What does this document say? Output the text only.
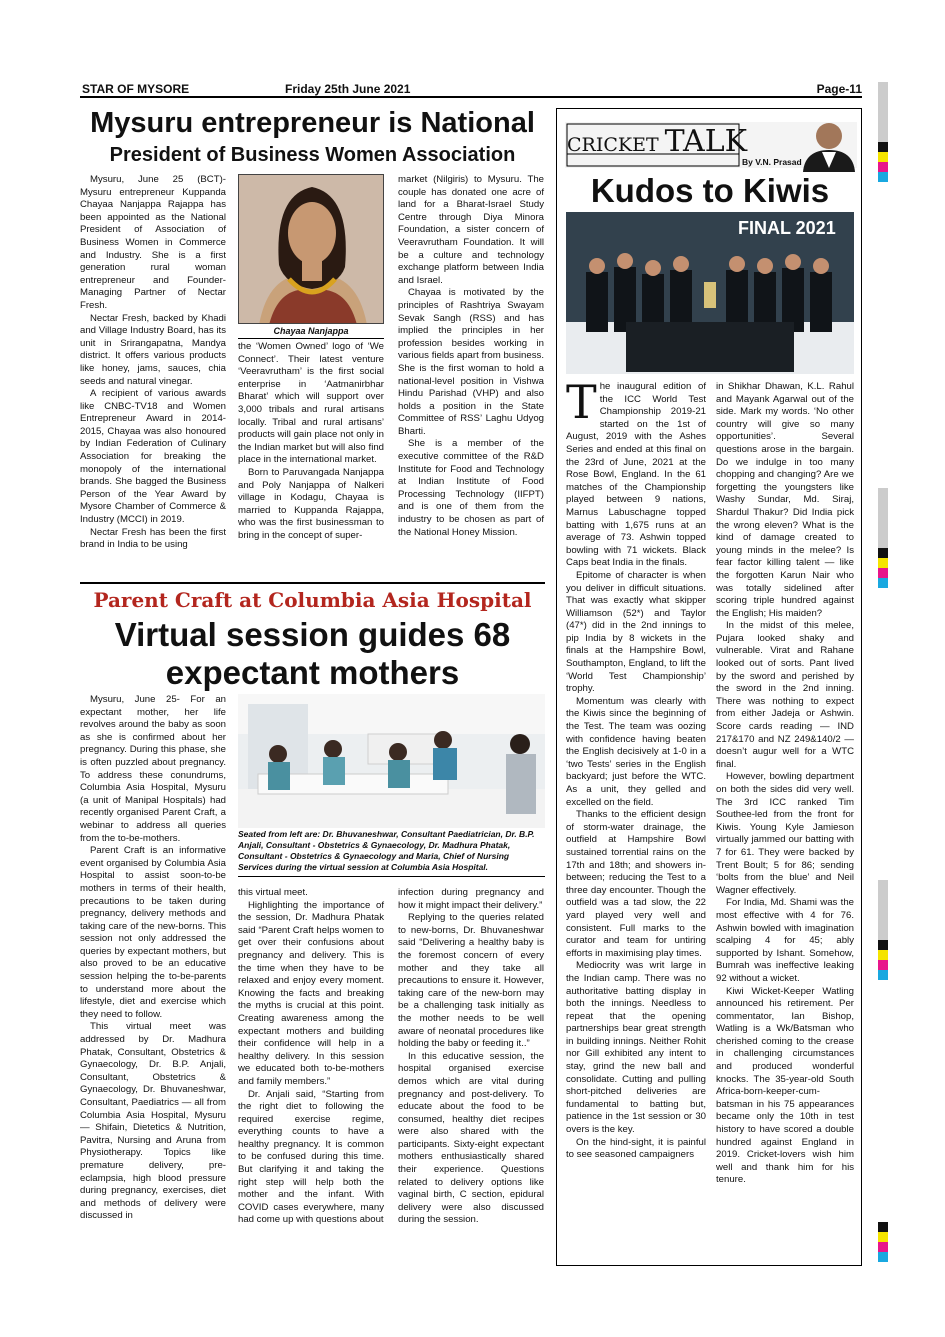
STAR OF MYSORE	Friday 25th June 2021	Page-11
Mysuru entrepreneur is National
President of Business Women Association

Mysuru, June 25 (BCT)- Mysuru entrepreneur Kuppanda Chayaa Nanjappa Rajappa has been appointed as the National President of Association of Business Women in Commerce and Industry. She is a first generation rural woman entrepreneur and Founder-Managing Partner of Nectar Fresh.

Nectar Fresh, backed by Khadi and Village Industry Board, has its unit in Srirangapatna, Mandya district. It offers various products like honey, jams, sauces, chia seeds and natural vinegar.

A recipient of various awards like CNBC-TV18 and Women Entrepreneur Award in 2014-2015, Chayaa was also honoured by Indian Federation of Culinary Association for breaking the monopoly of the international brands. She bagged the Business Person of the Year Award by Mysore Chamber of Commerce & Industry (MCCI) in 2019.

Nectar Fresh has been the first brand in India to be using

Chayaa Nanjappa

the ‘Women Owned’ logo of ‘We Connect’. Their latest venture ‘Veeravrutham’ is the first social enterprise in ‘Aatmanirbhar Bharat’ which will support over 3,000 tribals and rural artisans locally. Tribal and rural artisans’ products will gain place not only in the Indian market but will also find place in the international market.

Born to Paruvangada Nanjappa and Poly Nanjappa of Nalkeri village in Kodagu, Chayaa is married to Kuppanda Rajappa, who was the first businessman to bring in the concept of super-

market (Nilgiris) to Mysuru. The couple has donated one acre of land for a Bharat-Israel Study Centre through Diya Minora Foundation, a sister concern of Veeravrutham Foundation. It will be a culture and technology exchange platform between India and Israel.

Chayaa is motivated by the principles of Rashtriya Swayam Sevak Sangh (RSS) and has implied the principles in her profession besides working in various fields apart from business. She is the first woman to hold a national-level position in Vishwa Hindu Parishad (VHP) and also holds a position in the State Committee of RSS’ Laghu Udyog Bharti.

She is a member of the executive committee of the R&D Institute for Food and Technology at Indian Institute of Food Processing Technology (IIFPT) and is one of them from the industry to be chosen as part of the National Honey Mission.

Parent Craft at Columbia Asia Hospital
Virtual session guides 68
expectant mothers

Mysuru, June 25- For an expectant mother, her life revolves around the baby as soon as she is confirmed about her pregnancy. During this phase, she is often puzzled about pregnancy. To address these conundrums, Columbia Asia Hospital, Mysuru (a unit of Manipal Hospitals) had recently organised Parent Craft, a webinar to address all queries from the to-be-mothers.

Parent Craft is an informative event organised by Columbia Asia Hospital to assist soon-to-be mothers in terms of their health, precautions to be taken during pregnancy, delivery methods and taking care of the new-borns. This session not only addressed the queries by expectant mothers, but also proved to be an educative session helping the to-be-parents to understand more about the lifestyle, diet and exercise which they need to follow.

This virtual meet was addressed by Dr. Madhura Phatak, Consultant, Obstetrics & Gynaecology, Dr. B.P. Anjali, Consultant, Obstetrics & Gynaecology, Dr. Bhuvaneshwar, Consultant, Paediatrics — all from Columbia Asia Hospital, Mysuru — Shifain, Dietetics & Nutrition, Pavitra, Nursing and Aruna from Physiotherapy. Topics like premature delivery, pre-eclampsia, high blood pressure during pregnancy, exercises, diet and methods of delivery were discussed in

Seated from left are: Dr. Bhuvaneshwar, Consultant Paediatrician, Dr. B.P. Anjali, Consultant - Obstetrics & Gynaecology, Dr. Madhura Phatak, Consultant - Obstetrics & Gynaecology and Maria, Chief of Nursing Services during the virtual session at Columbia Asia Hospital.

this virtual meet.

Highlighting the importance of the session, Dr. Madhura Phatak said “Parent Craft helps women to get over their confusions about pregnancy and delivery. This is the time when they have to be relaxed and enjoy every moment. Knowing the facts and breaking the myths is crucial at this point. Creating awareness among the expectant mothers and building their confidence will help in a healthy delivery. In this session we educated both to-be-mothers and family members.”

Dr. Anjali said, “Starting from the right diet to following the required exercise regime, everything counts to have a healthy pregnancy. It is common to be confused during this time. But clarifying it and taking the right step will help both the mother and the infant. With COVID cases everywhere, many had come up with questions about

infection during pregnancy and how it might impact their delivery.”

Replying to the queries related to new-borns, Dr. Bhuvaneshwar said “Delivering a healthy baby is the foremost concern of every mother and they take all precautions to ensure it. However, taking care of the new-born may be a challenging task initially as the mother needs to be well aware of neonatal procedures like holding the baby or feeding it..”

In this educative session, the hospital organised exercise demos which are vital during pregnancy and post-delivery. To educate about the food to be consumed, healthy diet recipes were also shared with the participants. Sixty-eight expectant mothers enthusiastically shared their experience. Questions related to delivery options like vaginal birth, C section, epidural delivery were also discussed during the session.

CRICKET TALK
By V.N. Prasad
Kudos to Kiwis
FINAL 2021

The inaugural edition of the ICC World Test Championship 2019-21 started on the 1st of August, 2019 with the Ashes Series and ended at this final on the 23rd of June, 2021 at the Rose Bowl, England. In the 61 matches of the Championship played between 9 nations, Marnus Labuschagne topped batting with 1,675 runs at an average of 73. Ashwin topped bowling with 71 wickets. Black Caps beat India in the finals.

Epitome of character is when you deliver in difficult situations. That was exactly what skipper Williamson (52*) and Taylor (47*) did in the 2nd innings to pip India by 8 wickets in the finals at the Hampshire Bowl, Southampton, England, to lift the ‘World Test Championship’ trophy.

Momentum was clearly with the Kiwis since the beginning of the Test. The team was oozing with confidence having beaten the English decisively at 1-0 in a ‘two Tests’ series in the English backyard; just before the WTC. As a unit, they gelled and excelled on the field.

Thanks to the efficient design of storm-water drainage, the outfield at Hampshire Bowl sustained torrential rains on the 17th and 18th; and showers in-between; reducing the Test to a three day encounter. Though the outfield was a tad slow, the 22 yard played very well and consistent. Full marks to the curator and team for untiring efforts in maximising play times.

Mediocrity was writ large in the Indian camp. There was no authoritative batting display in both the innings. Needless to repeat that the opening partnerships bear great strength in building innings. Neither Rohit nor Gill exhibited any intent to stay, grind the new ball and consolidate. Cutting and pulling short-pitched deliveries are fundamental to batting but, patience in the 1st session or 30 overs is the key.

On the hind-sight, it is painful to see seasoned campaigners

in Shikhar Dhawan, K.L. Rahul and Mayank Agarwal out of the side. Mark my words. ‘No other country will give so many opportunities’. Several questions arose in the bargain. Do we indulge in too many chopping and changing? Are we forgetting the youngsters like Washy Sundar, Md. Siraj, Shardul Thakur? Did India pick the wrong eleven? What is the kind of damage created to young minds in the melee? Is fear factor killing talent — like the forgotten Karun Nair who was totally sidelined after scoring triple hundred against the English; His maiden?

In the midst of this melee, Pujara looked shaky and vulnerable. Virat and Rahane looked out of sorts. Pant lived by the sword and perished by the sword in the 2nd inning. There was nothing to expect from either Jadeja or Ashwin. Score cards reading — IND 217&170 and NZ 249&140/2 — doesn’t augur well for a WTC final.

However, bowling department on both the sides did very well. The 3rd ICC ranked Tim Southee-led from the front for Kiwis. Young Kyle Jamieson virtually jammed our batting with 7 for 61. They were backed by Trent Boult; 5 for 86; sending ‘bolts from the blue’ and Neil Wagner effectively.

For India, Md. Shami was the most effective with 4 for 76. Ashwin bowled with imagination scalping 4 for 45; ably supported by Ishant. Somehow, Bumrah was ineffective leaking 92 without a wicket.

Kiwi Wicket-Keeper Watling announced his retirement. Per commentator, Ian Bishop, Watling is a Wk/Batsman who cherished coming to the crease in challenging circumstances and produced wonderful knocks. The 35-year-old South Africa-born-keeper-cum-batsman in his 75 appearances became only the 10th in test history to have scored a double hundred against England in 2019. Cricket-lovers wish him well and thank him for his tenure.
